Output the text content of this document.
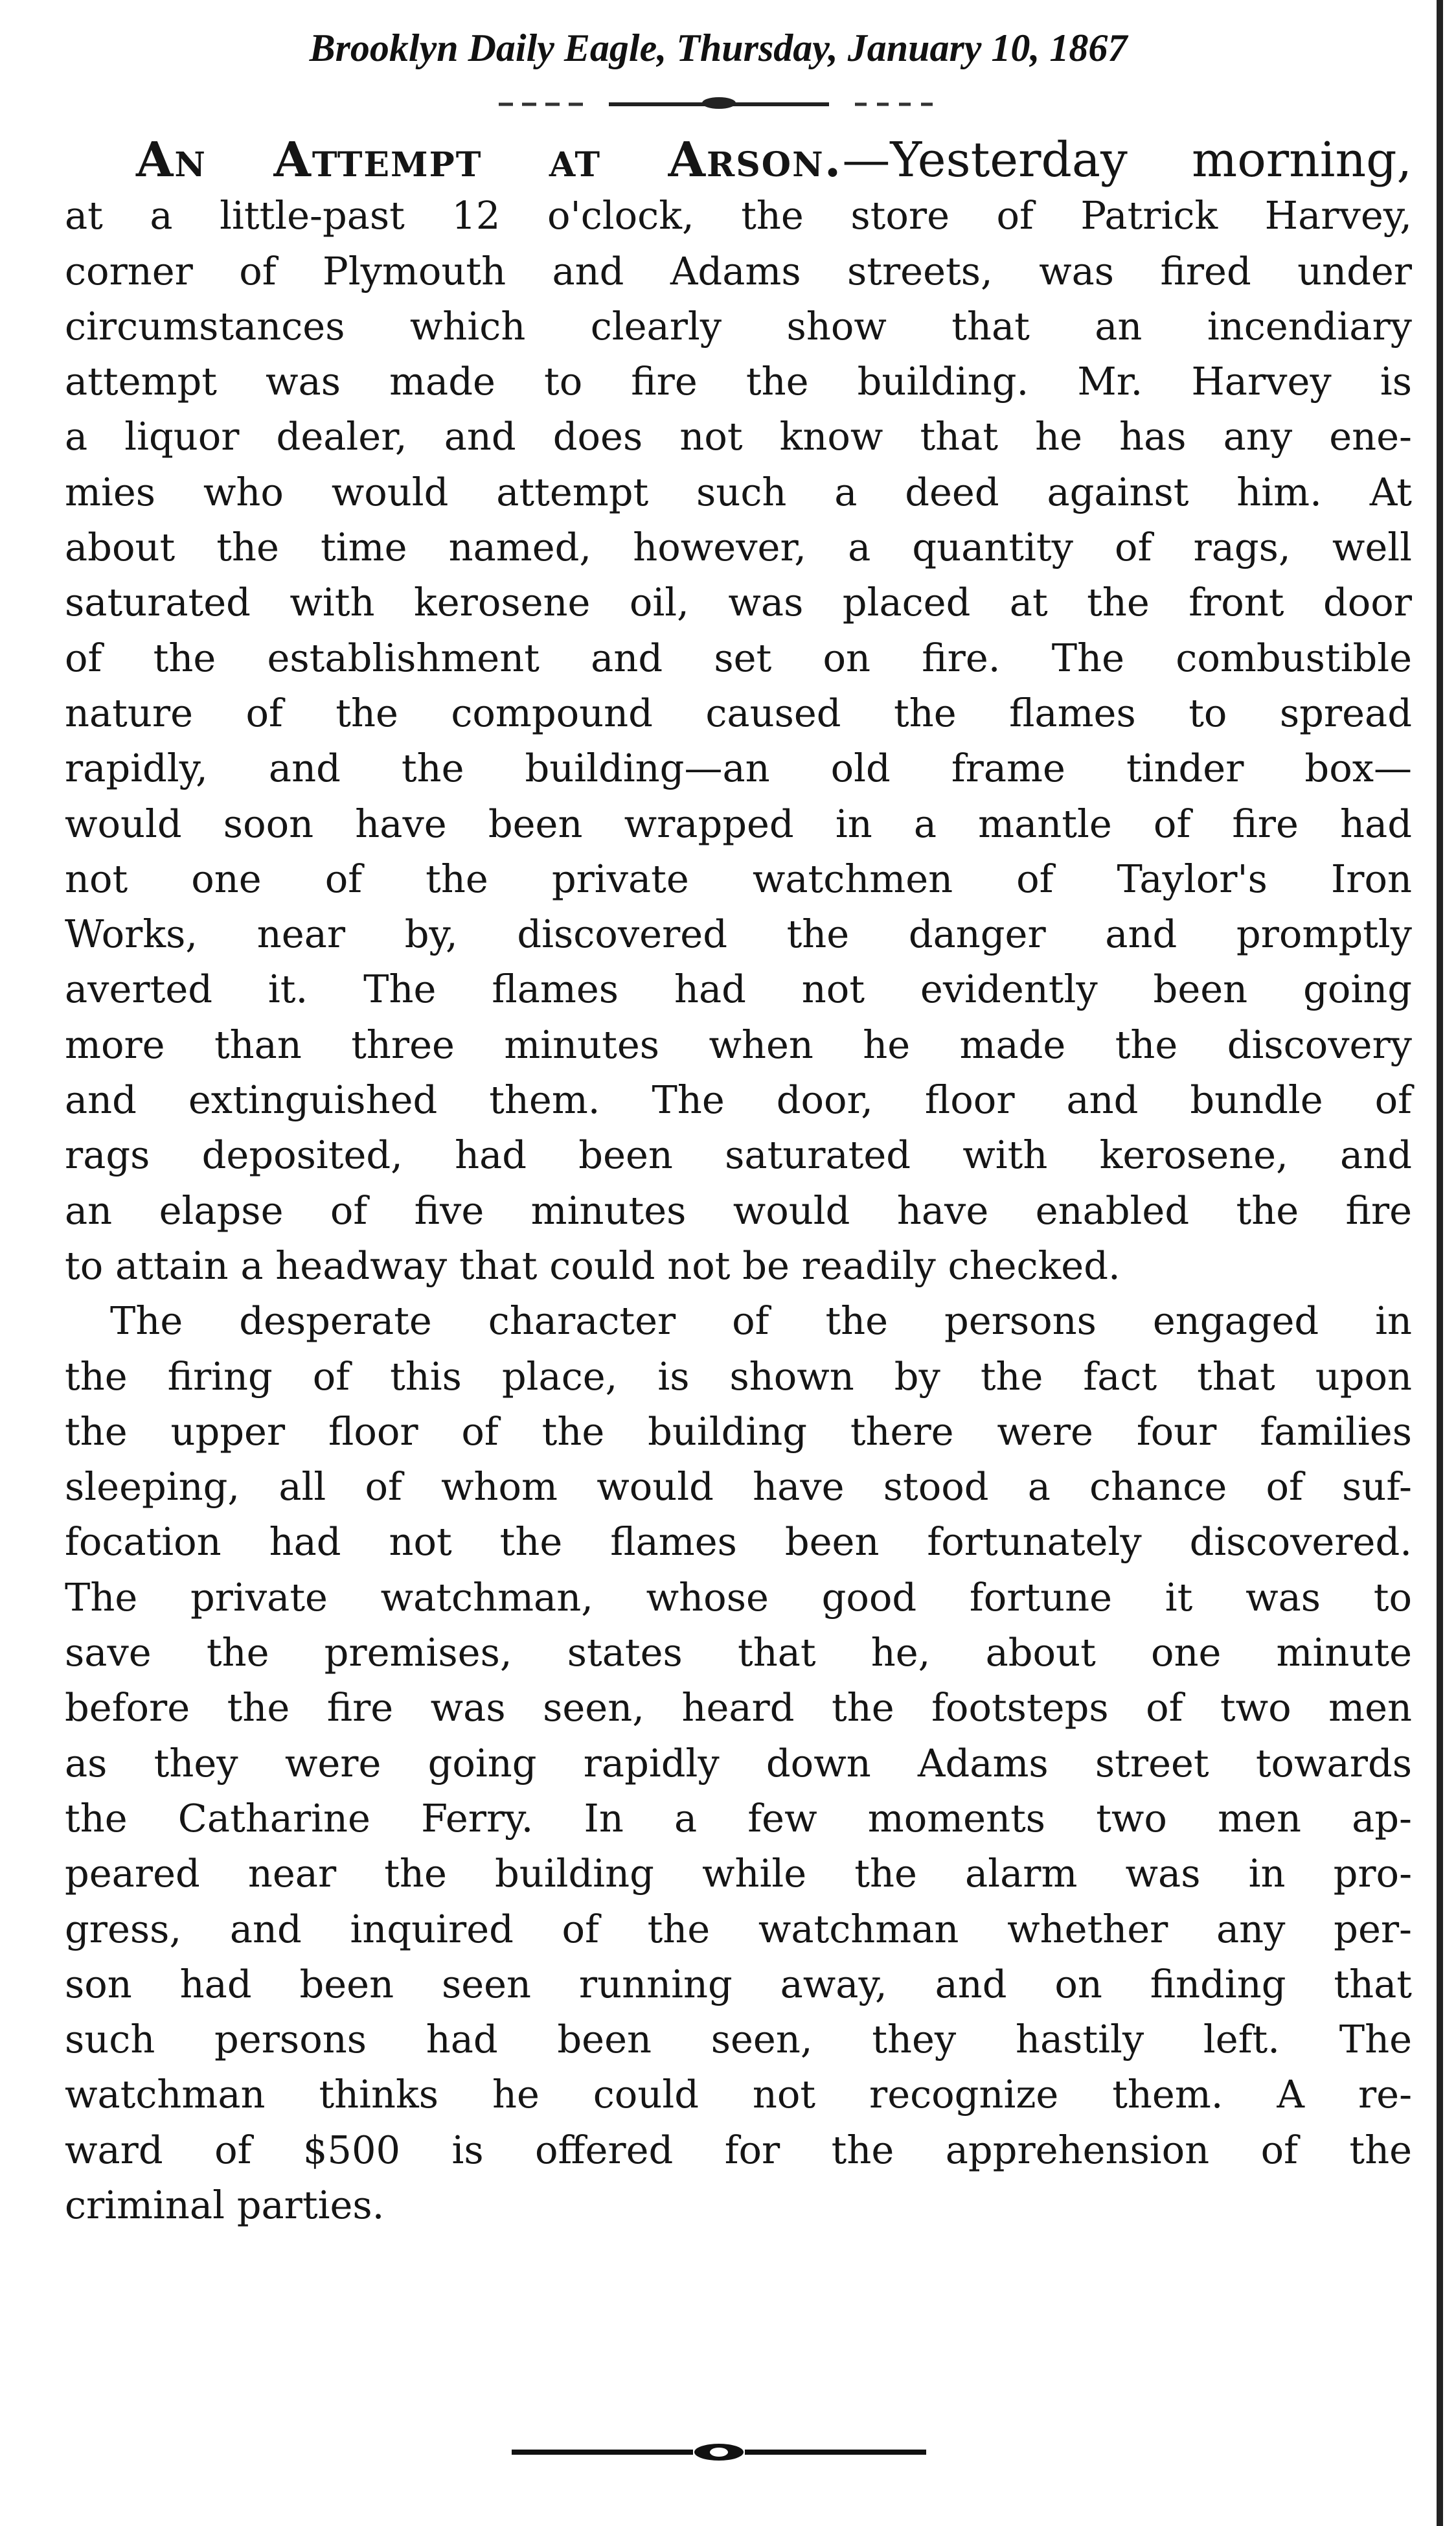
Brooklyn Daily Eagle, Thursday, January 10, 1867
An Attempt at Arson.—Yesterday morning,
at a little-past 12 o'clock, the store of Patrick Harvey,
corner of Plymouth and Adams streets, was fired under
circumstances which clearly show that an incendiary
attempt was made to fire the building. Mr. Harvey is
a liquor dealer, and does not know that he has any ene-
mies who would attempt such a deed against him. At
about the time named, however, a quantity of rags, well
saturated with kerosene oil, was placed at the front door
of the establishment and set on fire. The combustible
nature of the compound caused the flames to spread
rapidly, and the building—an old frame tinder box—
would soon have been wrapped in a mantle of fire had
not one of the private watchmen of Taylor's Iron
Works, near by, discovered the danger and promptly
averted it. The flames had not evidently been going
more than three minutes when he made the discovery
and extinguished them. The door, floor and bundle of
rags deposited, had been saturated with kerosene, and
an elapse of five minutes would have enabled the fire
to attain a headway that could not be readily checked.
The desperate character of the persons engaged in
the firing of this place, is shown by the fact that upon
the upper floor of the building there were four families
sleeping, all of whom would have stood a chance of suf-
focation had not the flames been fortunately discovered.
The private watchman, whose good fortune it was to
save the premises, states that he, about one minute
before the fire was seen, heard the footsteps of two men
as they were going rapidly down Adams street towards
the Catharine Ferry. In a few moments two men ap-
peared near the building while the alarm was in pro-
gress, and inquired of the watchman whether any per-
son had been seen running away, and on finding that
such persons had been seen, they hastily left. The
watchman thinks he could not recognize them. A re-
ward of $500 is offered for the apprehension of the
criminal parties.
